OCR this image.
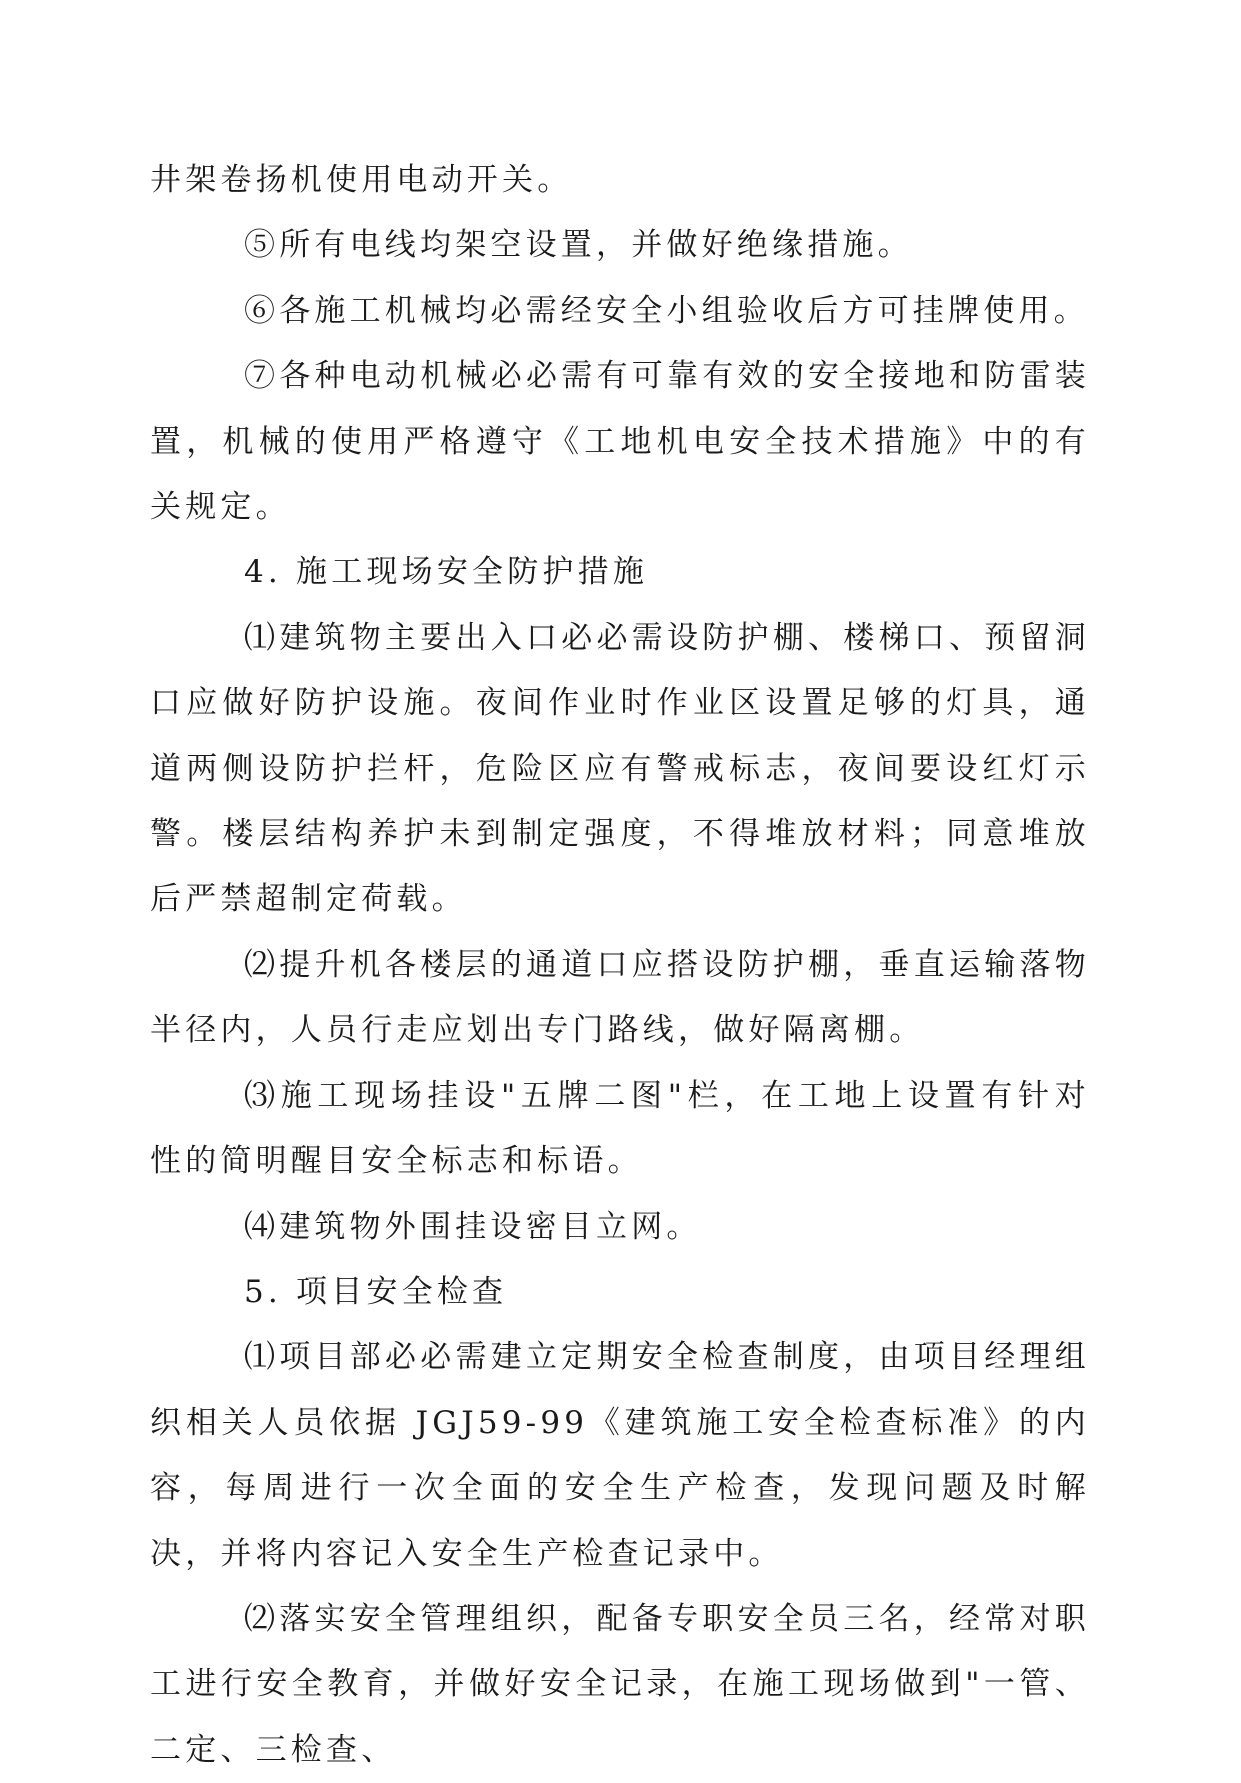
井架卷扬机使用电动开关。

⑤所有电线均架空设置，并做好绝缘措施。

⑥各施工机械均必需经安全小组验收后方可挂牌使用。

⑦各种电动机械必必需有可靠有效的安全接地和防雷装置，机械的使用严格遵守《工地机电安全技术措施》中的有关规定。

4. 施工现场安全防护措施

⑴建筑物主要出入口必必需设防护棚、楼梯口、预留洞口应做好防护设施。夜间作业时作业区设置足够的灯具，通道两侧设防护拦杆，危险区应有警戒标志，夜间要设红灯示警。楼层结构养护未到制定强度，不得堆放材料；同意堆放后严禁超制定荷载。

⑵提升机各楼层的通道口应搭设防护棚，垂直运输落物半径内，人员行走应划出专门路线，做好隔离棚。

⑶施工现场挂设"五牌二图"栏，在工地上设置有针对性的简明醒目安全标志和标语。

⑷建筑物外围挂设密目立网。

5. 项目安全检查

⑴项目部必必需建立定期安全检查制度，由项目经理组织相关人员依据 JGJ59-99《建筑施工安全检查标准》的内容，每周进行一次全面的安全生产检查，发现问题及时解决，并将内容记入安全生产检查记录中。

⑵落实安全管理组织，配备专职安全员三名，经常对职工进行安全教育，并做好安全记录，在施工现场做到"一管、二定、三检查、
